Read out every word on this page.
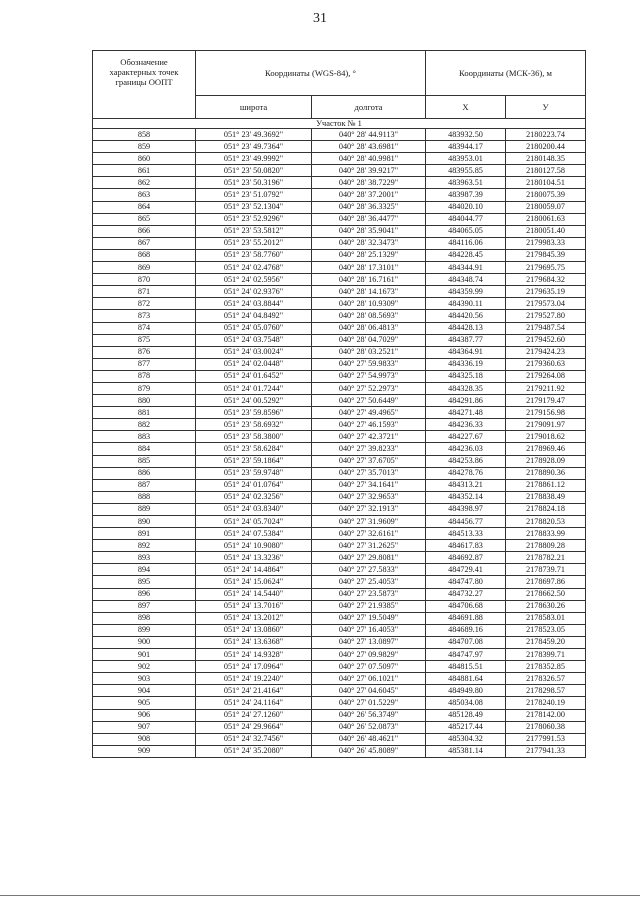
31
Обозначение характерных точек границы ООПТ	Координаты (WGS-84), °		Координаты (МСК-36), м	
	широта	долгота	X	У
Участок № 1				
858	051° 23' 49.3692"	040° 28' 44.9113"	483932.50	2180223.74
859	051° 23' 49.7364"	040° 28' 43.6981"	483944.17	2180200.44
860	051° 23' 49.9992"	040° 28' 40.9981"	483953.01	2180148.35
861	051° 23' 50.0820"	040° 28' 39.9217"	483955.85	2180127.58
862	051° 23' 50.3196"	040° 28' 38.7229"	483963.51	2180104.51
863	051° 23' 51.0792"	040° 28' 37.2001"	483987.39	2180075.39
864	051° 23' 52.1304"	040° 28' 36.3325"	484020.10	2180059.07
865	051° 23' 52.9296"	040° 28' 36.4477"	484044.77	2180061.63
866	051° 23' 53.5812"	040° 28' 35.9041"	484065.05	2180051.40
867	051° 23' 55.2012"	040° 28' 32.3473"	484116.06	2179983.33
868	051° 23' 58.7760"	040° 28' 25.1329"	484228.45	2179845.39
869	051° 24' 02.4768"	040° 28' 17.3101"	484344.91	2179695.75
870	051° 24' 02.5956"	040° 28' 16.7161"	484348.74	2179684.32
871	051° 24' 02.9376"	040° 28' 14.1673"	484359.99	2179635.19
872	051° 24' 03.8844"	040° 28' 10.9309"	484390.11	2179573.04
873	051° 24' 04.8492"	040° 28' 08.5693"	484420.56	2179527.80
874	051° 24' 05.0760"	040° 28' 06.4813"	484428.13	2179487.54
875	051° 24' 03.7548"	040° 28' 04.7029"	484387.77	2179452.60
876	051° 24' 03.0024"	040° 28' 03.2521"	484364.91	2179424.23
877	051° 24' 02.0448"	040° 27' 59.9833"	484336.19	2179360.63
878	051° 24' 01.6452"	040° 27' 54.9973"	484325.18	2179264.08
879	051° 24' 01.7244"	040° 27' 52.2973"	484328.35	2179211.92
880	051° 24' 00.5292"	040° 27' 50.6449"	484291.86	2179179.47
881	051° 23' 59.8596"	040° 27' 49.4965"	484271.48	2179156.98
882	051° 23' 58.6932"	040° 27' 46.1593"	484236.33	2179091.97
883	051° 23' 58.3800"	040° 27' 42.3721"	484227.67	2179018.62
884	051° 23' 58.6284"	040° 27' 39.8233"	484236.03	2178969.46
885	051° 23' 59.1864"	040° 27' 37.6705"	484253.86	2178928.09
886	051° 23' 59.9748"	040° 27' 35.7013"	484278.76	2178890.36
887	051° 24' 01.0764"	040° 27' 34.1641"	484313.21	2178861.12
888	051° 24' 02.3256"	040° 27' 32.9653"	484352.14	2178838.49
889	051° 24' 03.8340"	040° 27' 32.1913"	484398.97	2178824.18
890	051° 24' 05.7024"	040° 27' 31.9609"	484456.77	2178820.53
891	051° 24' 07.5384"	040° 27' 32.6161"	484513.33	2178833.99
892	051° 24' 10.9080"	040° 27' 31.2625"	484617.83	2178809.28
893	051° 24' 13.3236"	040° 27' 29.8081"	484692.87	2178782.21
894	051° 24' 14.4864"	040° 27' 27.5833"	484729.41	2178739.71
895	051° 24' 15.0624"	040° 27' 25.4053"	484747.80	2178697.86
896	051° 24' 14.5440"	040° 27' 23.5873"	484732.27	2178662.50
897	051° 24' 13.7016"	040° 27' 21.9385"	484706.68	2178630.26
898	051° 24' 13.2012"	040° 27' 19.5049"	484691.88	2178583.01
899	051° 24' 13.0860"	040° 27' 16.4053"	484689.16	2178523.05
900	051° 24' 13.6368"	040° 27' 13.0897"	484707.08	2178459.20
901	051° 24' 14.9328"	040° 27' 09.9829"	484747.97	2178399.71
902	051° 24' 17.0964"	040° 27' 07.5097"	484815.51	2178352.85
903	051° 24' 19.2240"	040° 27' 06.1021"	484881.64	2178326.57
904	051° 24' 21.4164"	040° 27' 04.6045"	484949.80	2178298.57
905	051° 24' 24.1164"	040° 27' 01.5229"	485034.08	2178240.19
906	051° 24' 27.1260"	040° 26' 56.3749"	485128.49	2178142.00
907	051° 24' 29.9664"	040° 26' 52.0873"	485217.44	2178060.38
908	051° 24' 32.7456"	040° 26' 48.4621"	485304.32	2177991.53
909	051° 24' 35.2080"	040° 26' 45.8089"	485381.14	2177941.33
